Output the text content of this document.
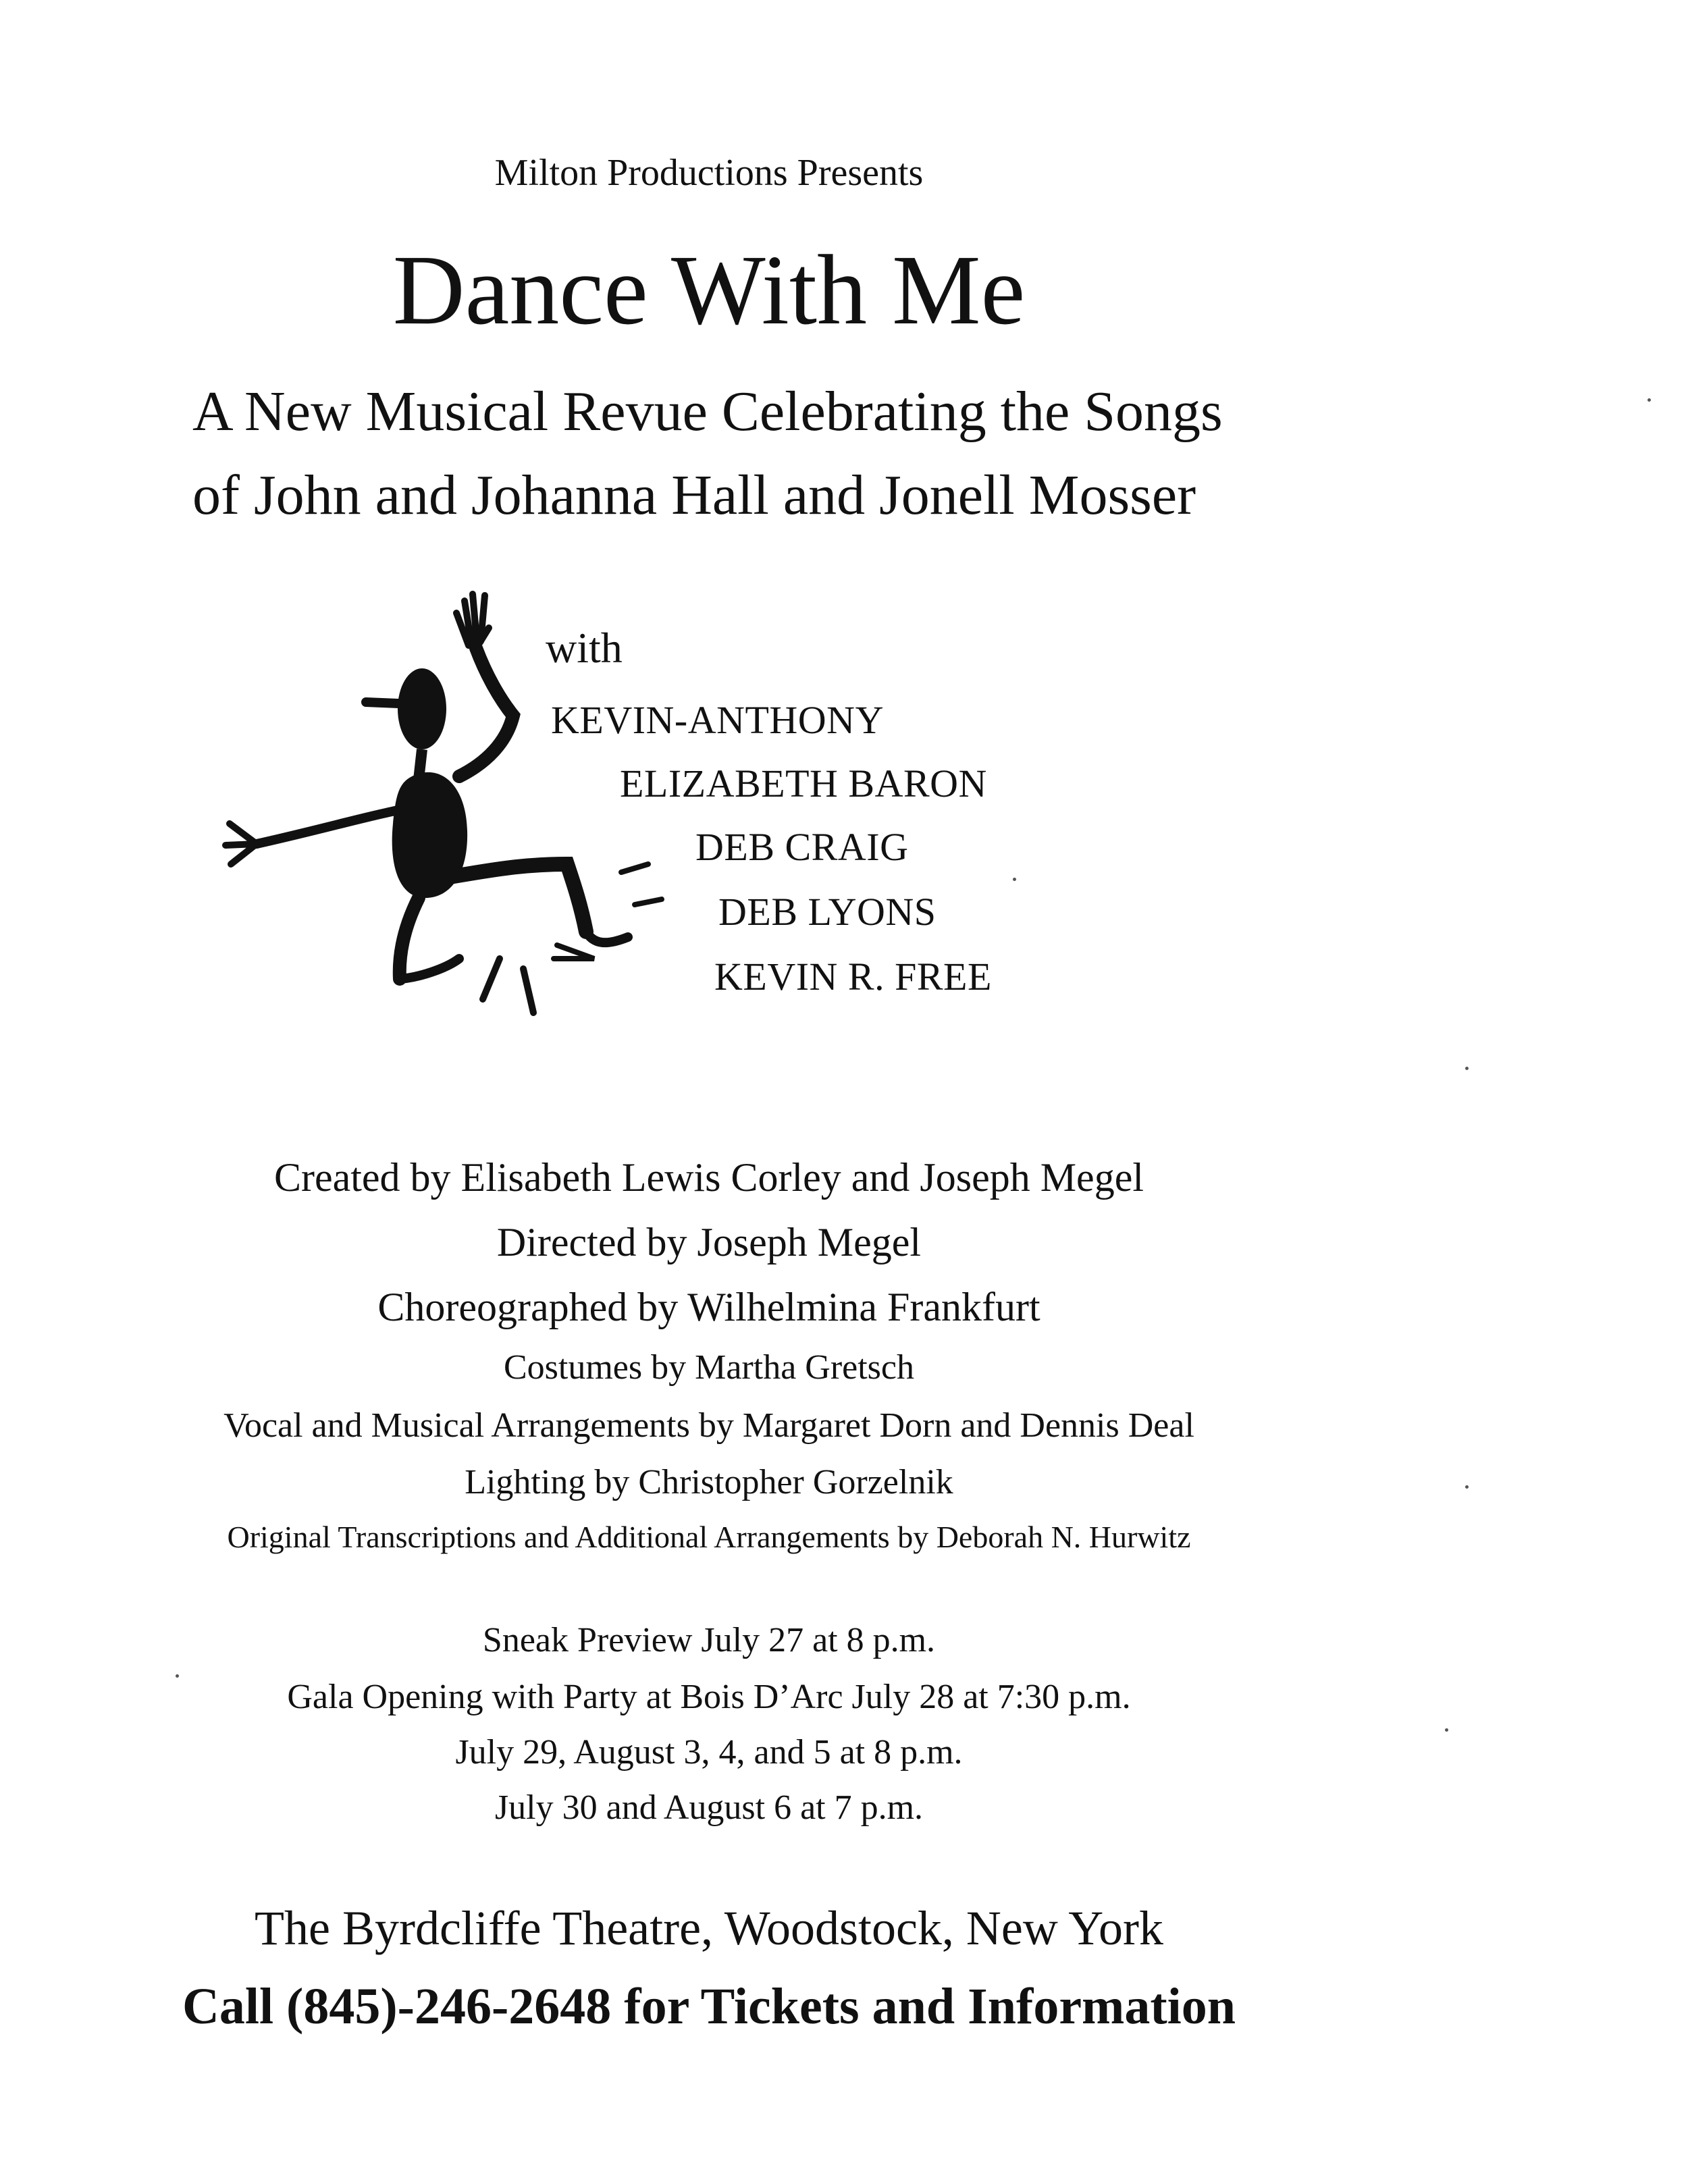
Milton Productions Presents
Dance With Me
A New Musical Revue Celebrating the Songs
of John and Johanna Hall and Jonell Mosser
with
KEVIN-ANTHONY
ELIZABETH BARON
DEB CRAIG
DEB LYONS
KEVIN R. FREE
Created by Elisabeth Lewis Corley and Joseph Megel
Directed by Joseph Megel
Choreographed by Wilhelmina Frankfurt
Costumes by Martha Gretsch
Vocal and Musical Arrangements by Margaret Dorn and Dennis Deal
Lighting by Christopher Gorzelnik
Original Transcriptions and Additional Arrangements by Deborah N. Hurwitz
Sneak Preview July 27 at 8 p.m.
Gala Opening with Party at Bois D’Arc July 28 at 7:30 p.m.
July 29, August 3, 4, and 5 at 8 p.m.
July 30 and August 6 at 7 p.m.
The Byrdcliffe Theatre, Woodstock, New York
Call (845)-246-2648 for Tickets and Information
